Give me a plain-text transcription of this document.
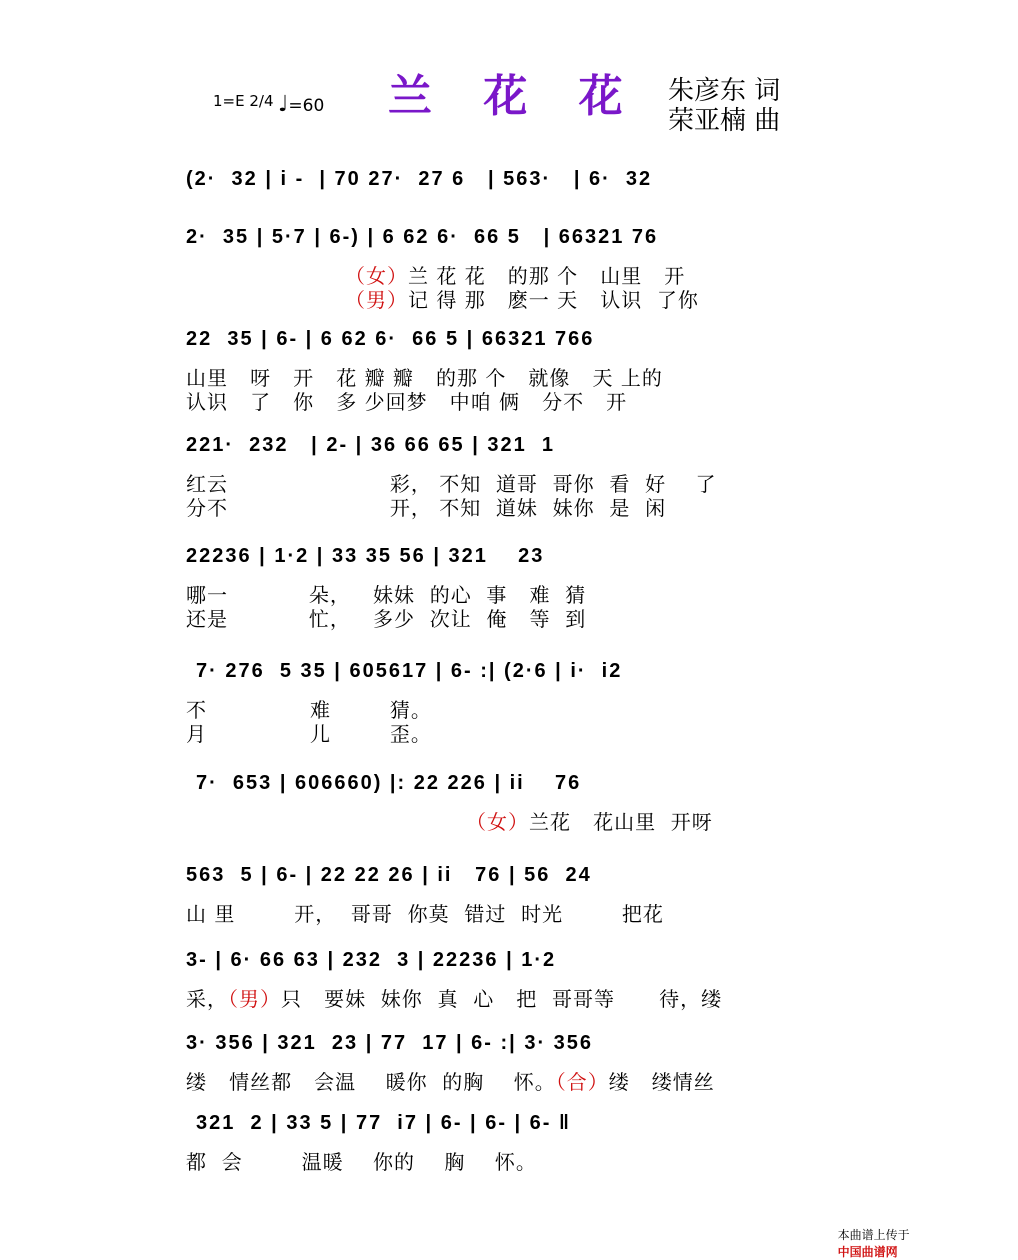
1=E 2/4 ♩=60 兰 花 花 朱彦东 词
荣亚楠 曲
(2·  32 | i -  | 70 27·  27 6   | 563·   | 6·  32
2·  35 | 5·7 | 6-) | 6 62 6·  66 5   | 66321 76
（女）兰 花 花   的那 个   山里   开
（男）记 得 那   麽一 天   认识  了你
22  35 | 6- | 6 62 6·  66 5 | 66321 766
山里   呀   开   花 瓣 瓣   的那 个   就像   天 上的
认识   了   你   多 少回梦   中咱 俩   分不   开
221·  232   | 2- | 36 66 65 | 321  1
红云                      彩， 不知  道哥  哥你  看  好    了
分不                      开， 不知  道妹  妹你  是  闲
22236 | 1·2 | 33 35 56 | 321    23
哪一           朵，   妹妹  的心  事   难  猜
还是           忙，   多少  次让  俺   等  到
7· 276  5 35 | 605617 | 6- :| (2·6 | i·  i2
不              难        猜。
月              儿        歪。
7·  653 | 606660) |: 22 226 | ii    76
（女）兰花   花山里  开呀
563  5 | 6- | 22 22 26 | ii   76 | 56  24
山 里        开，  哥哥  你莫  错过  时光        把花
3- | 6· 66 63 | 232  3 | 22236 | 1·2
采，（男）只   要妹  妹你  真  心   把  哥哥等      待，缕
3· 356 | 321  23 | 77  17 | 6- :| 3· 356
缕   情丝都   会温    暖你  的胸    怀。（合）缕   缕情丝
321  2 | 33 5 | 77  i7 | 6- | 6- | 6- ‖
都  会        温暖    你的    胸    怀。

本曲谱上传于
中国曲谱网
